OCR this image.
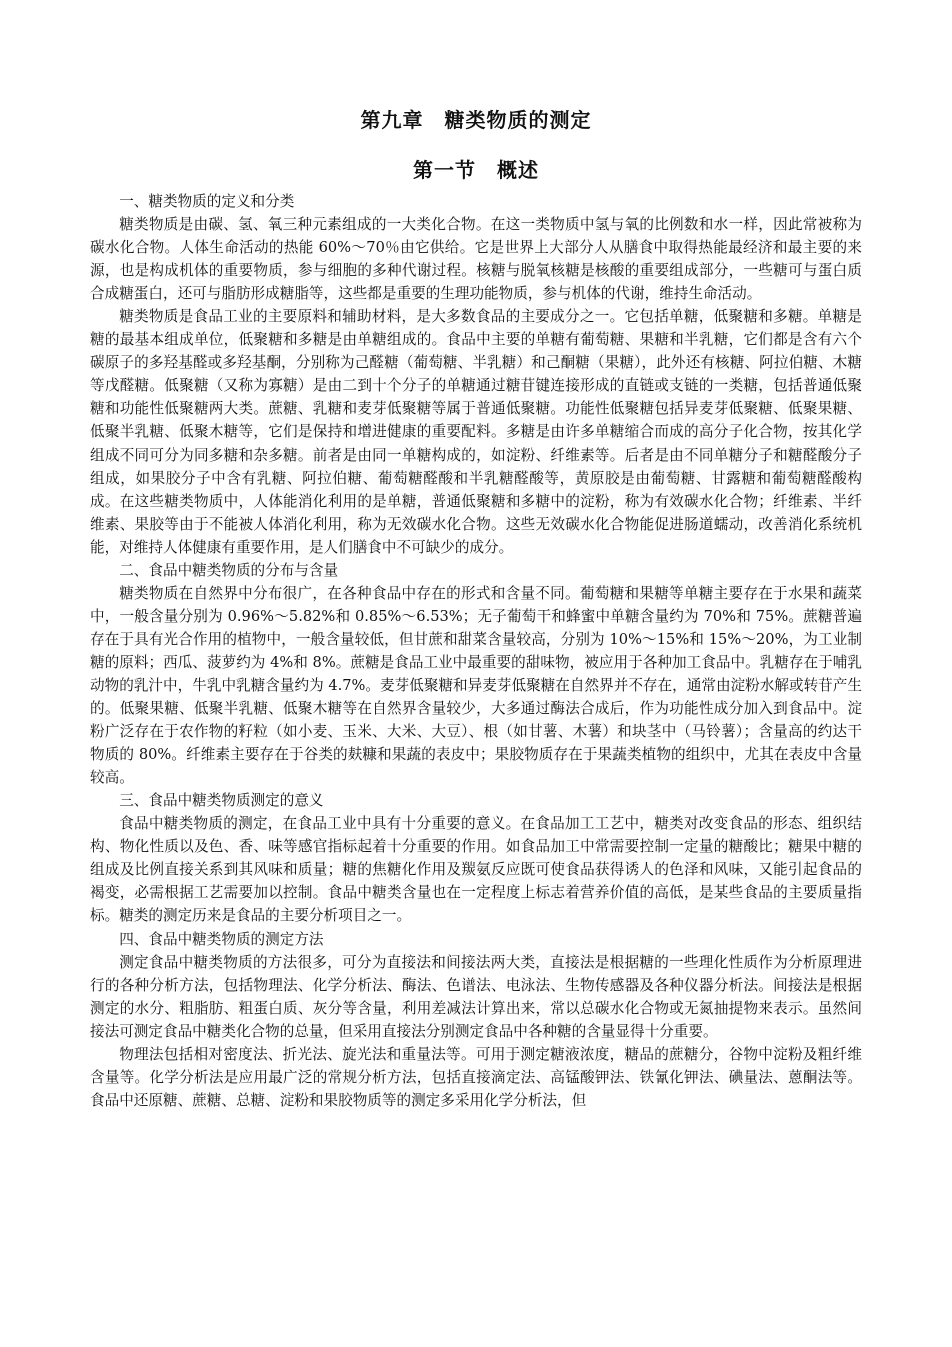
第九章　糖类物质的测定
第一节　概述
一、糖类物质的定义和分类

糖类物质是由碳、氢、氧三种元素组成的一大类化合物。在这一类物质中氢与氧的比例数和水一样，因此常被称为碳水化合物。人体生命活动的热能 60%～70％由它供给。它是世界上大部分人从膳食中取得热能最经济和最主要的来源，也是构成机体的重要物质，参与细胞的多种代谢过程。核糖与脱氧核糖是核酸的重要组成部分，一些糖可与蛋白质合成糖蛋白，还可与脂肪形成糖脂等，这些都是重要的生理功能物质，参与机体的代谢，维持生命活动。

糖类物质是食品工业的主要原料和辅助材料，是大多数食品的主要成分之一。它包括单糖，低聚糖和多糖。单糖是糖的最基本组成单位，低聚糖和多糖是由单糖组成的。食品中主要的单糖有葡萄糖、果糖和半乳糖，它们都是含有六个碳原子的多羟基醛或多羟基酮，分别称为己醛糖（葡萄糖、半乳糖）和己酮糖（果糖），此外还有核糖、阿拉伯糖、木糖等戊醛糖。低聚糖（又称为寡糖）是由二到十个分子的单糖通过糖苷键连接形成的直链或支链的一类糖，包括普通低聚糖和功能性低聚糖两大类。蔗糖、乳糖和麦芽低聚糖等属于普通低聚糖。功能性低聚糖包括异麦芽低聚糖、低聚果糖、低聚半乳糖、低聚木糖等，它们是保持和增进健康的重要配料。多糖是由许多单糖缩合而成的高分子化合物，按其化学组成不同可分为同多糖和杂多糖。前者是由同一单糖构成的，如淀粉、纤维素等。后者是由不同单糖分子和糖醛酸分子组成，如果胶分子中含有乳糖、阿拉伯糖、葡萄糖醛酸和半乳糖醛酸等，黄原胶是由葡萄糖、甘露糖和葡萄糖醛酸构成。在这些糖类物质中，人体能消化利用的是单糖，普通低聚糖和多糖中的淀粉，称为有效碳水化合物；纤维素、半纤维素、果胶等由于不能被人体消化利用，称为无效碳水化合物。这些无效碳水化合物能促进肠道蠕动，改善消化系统机能，对维持人体健康有重要作用，是人们膳食中不可缺少的成分。

二、食品中糖类物质的分布与含量

糖类物质在自然界中分布很广，在各种食品中存在的形式和含量不同。葡萄糖和果糖等单糖主要存在于水果和蔬菜中，一般含量分别为 0.96%～5.82%和 0.85%～6.53%；无子葡萄干和蜂蜜中单糖含量约为 70%和 75%。蔗糖普遍存在于具有光合作用的植物中，一般含量较低，但甘蔗和甜菜含量较高，分别为 10%～15%和 15%～20%，为工业制糖的原料；西瓜、菠萝约为 4%和 8%。蔗糖是食品工业中最重要的甜味物，被应用于各种加工食品中。乳糖存在于哺乳动物的乳汁中，牛乳中乳糖含量约为 4.7%。麦芽低聚糖和异麦芽低聚糖在自然界并不存在，通常由淀粉水解或转苷产生的。低聚果糖、低聚半乳糖、低聚木糖等在自然界含量较少，大多通过酶法合成后，作为功能性成分加入到食品中。淀粉广泛存在于农作物的籽粒（如小麦、玉米、大米、大豆）、根（如甘薯、木薯）和块茎中（马铃薯）；含量高的约达干物质的 80%。纤维素主要存在于谷类的麸糠和果蔬的表皮中；果胶物质存在于果蔬类植物的组织中，尤其在表皮中含量较高。

三、食品中糖类物质测定的意义

食品中糖类物质的测定，在食品工业中具有十分重要的意义。在食品加工工艺中，糖类对改变食品的形态、组织结构、物化性质以及色、香、味等感官指标起着十分重要的作用。如食品加工中常需要控制一定量的糖酸比；糖果中糖的组成及比例直接关系到其风味和质量；糖的焦糖化作用及羰氨反应既可使食品获得诱人的色泽和风味，又能引起食品的褐变，必需根据工艺需要加以控制。食品中糖类含量也在一定程度上标志着营养价值的高低，是某些食品的主要质量指标。糖类的测定历来是食品的主要分析项目之一。

四、食品中糖类物质的测定方法

测定食品中糖类物质的方法很多，可分为直接法和间接法两大类，直接法是根据糖的一些理化性质作为分析原理进行的各种分析方法，包括物理法、化学分析法、酶法、色谱法、电泳法、生物传感器及各种仪器分析法。间接法是根据测定的水分、粗脂肪、粗蛋白质、灰分等含量，利用差减法计算出来，常以总碳水化合物或无氮抽提物来表示。虽然间接法可测定食品中糖类化合物的总量，但采用直接法分别测定食品中各种糖的含量显得十分重要。

物理法包括相对密度法、折光法、旋光法和重量法等。可用于测定糖液浓度，糖品的蔗糖分，谷物中淀粉及粗纤维含量等。化学分析法是应用最广泛的常规分析方法，包括直接滴定法、高锰酸钾法、铁氰化钾法、碘量法、蒽酮法等。食品中还原糖、蔗糖、总糖、淀粉和果胶物质等的测定多采用化学分析法，但
